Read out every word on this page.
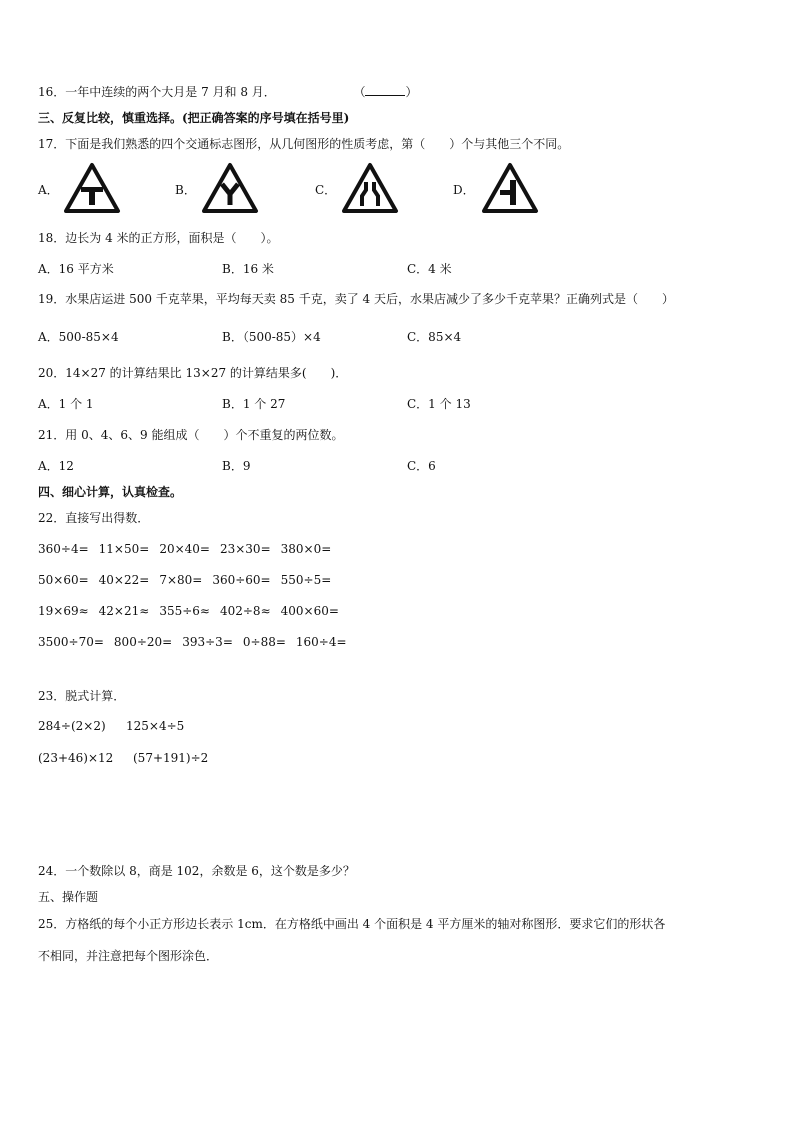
16．一年中连续的两个大月是 7 月和 8 月．	（	）
三、反复比较，慎重选择。(把正确答案的序号填在括号里)
17．下面是我们熟悉的四个交通标志图形，从几何图形的性质考虑，第（　　）个与其他三个不同。
A．	B．	C．	D．
18．边长为 4 米的正方形，面积是（　　）。
A．16 平方米	B．16 米	C．4 米
19．水果店运进 500 千克苹果，平均每天卖 85 千克，卖了 4 天后，水果店减少了多少千克苹果？正确列式是（　　）
A．500-85×4	B．（500-85）×4	C．85×4
20．14×27 的计算结果比 13×27 的计算结果多(　　)．
A．1 个 1	B．1 个 27	C．1 个 13
21．用 0、4、6、9 能组成（　　）个不重复的两位数。
A．12	B．9	C．6
四、细心计算，认真检查。
22．直接写出得数．
360÷4= 11×50= 20×40= 23×30= 380×0=
50×60= 40×22= 7×80= 360÷60= 550÷5=
19×69≈ 42×21≈ 355÷6≈ 402÷8≈ 400×60=
3500÷70= 800÷20= 393÷3= 0÷88= 160÷4=
23．脱式计算．
284÷(2×2) 125×4÷5
(23+46)×12 (57+191)÷2
24．一个数除以 8，商是 102，余数是 6，这个数是多少？
五、操作题
25．方格纸的每个小正方形边长表示 1cm．在方格纸中画出 4 个面积是 4 平方厘米的轴对称图形．要求它们的形状各
不相同，并注意把每个图形涂色．
